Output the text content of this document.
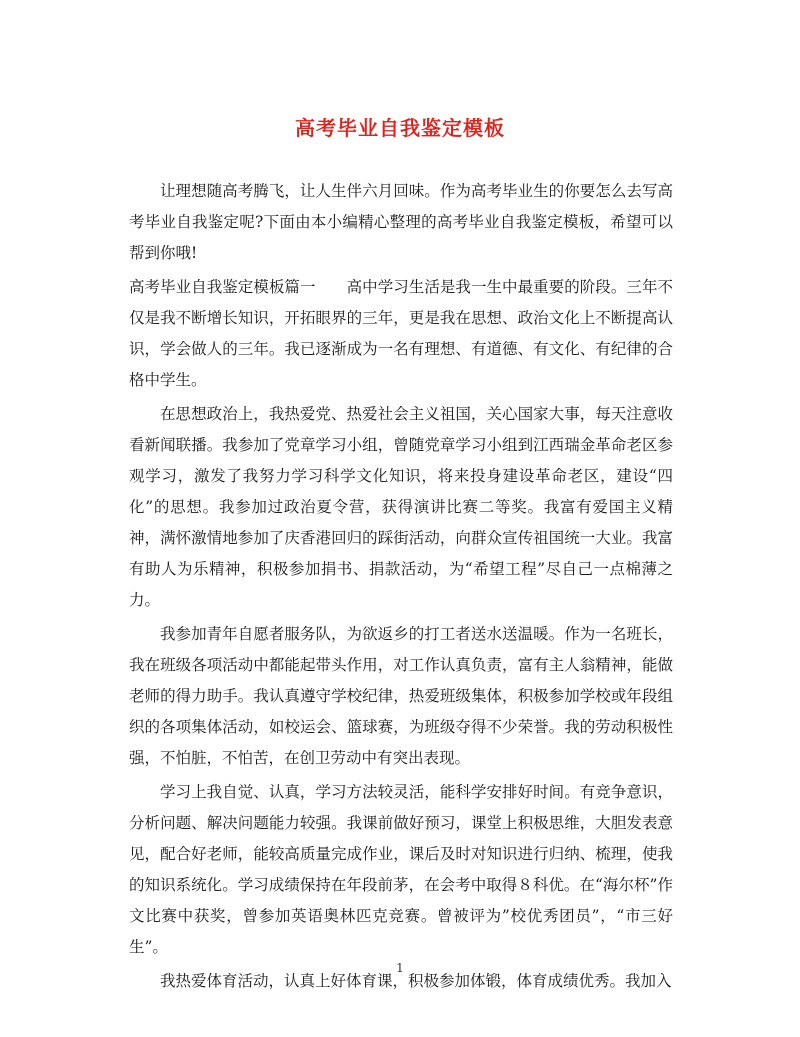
高考毕业自我鉴定模板

让理想随高考腾飞，让人生伴六月回味。作为高考毕业生的你要怎么去写高考毕业自我鉴定呢?下面由本小编精心整理的高考毕业自我鉴定模板，希望可以帮到你哦!

高考毕业自我鉴定模板篇一　　高中学习生活是我一生中最重要的阶段。三年不仅是我不断增长知识，开拓眼界的三年，更是我在思想、政治文化上不断提高认识，学会做人的三年。我已逐渐成为一名有理想、有道德、有文化、有纪律的合格中学生。

在思想政治上，我热爱党、热爱社会主义祖国，关心国家大事，每天注意收看新闻联播。我参加了党章学习小组，曾随党章学习小组到江西瑞金革命老区参观学习，激发了我努力学习科学文化知识，将来投身建设革命老区，建设“四化”的思想。我参加过政治夏令营，获得演讲比赛二等奖。我富有爱国主义精神，满怀激情地参加了庆香港回归的踩街活动，向群众宣传祖国统一大业。我富有助人为乐精神，积极参加捐书、捐款活动，为“希望工程”尽自己一点棉薄之力。

我参加青年自愿者服务队，为欲返乡的打工者送水送温暖。作为一名班长，我在班级各项活动中都能起带头作用，对工作认真负责，富有主人翁精神，能做老师的得力助手。我认真遵守学校纪律，热爱班级集体，积极参加学校或年段组织的各项集体活动，如校运会、篮球赛，为班级夺得不少荣誉。我的劳动积极性强，不怕脏，不怕苦，在创卫劳动中有突出表现。

学习上我自觉、认真，学习方法较灵活，能科学安排好时间。有竞争意识，分析问题、解决问题能力较强。我课前做好预习，课堂上积极思维，大胆发表意见，配合好老师，能较高质量完成作业，课后及时对知识进行归纳、梳理，使我的知识系统化。学习成绩保持在年段前茅，在会考中取得８科优。在“海尔杯”作文比赛中获奖，曾参加英语奥林匹克竞赛。曾被评为”校优秀团员”，“市三好生”。

我热爱体育活动，认真上好体育课，积极参加体锻，体育成绩优秀。我加入

1
